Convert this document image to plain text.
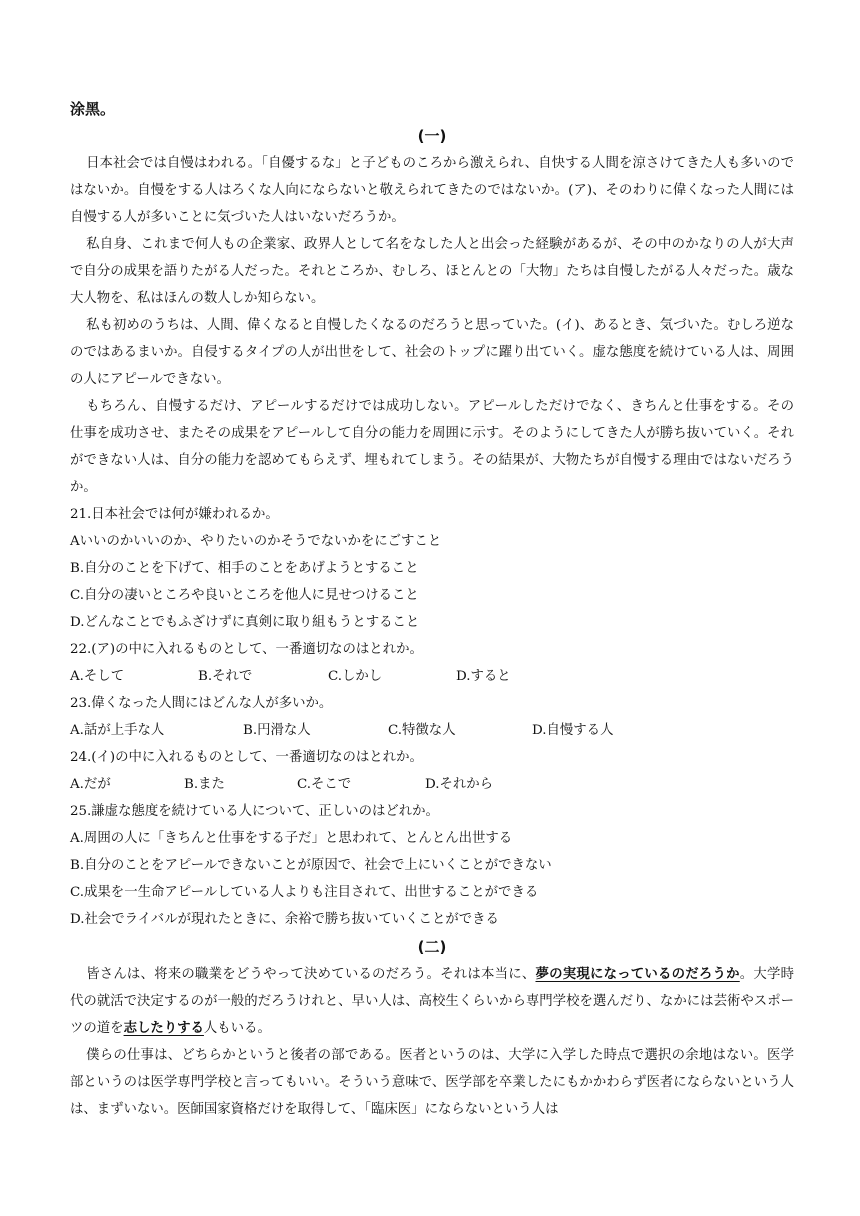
涂黑。
(一)

日本社会では自慢はわれる。「自優するな」と子どものころから激えられ、自快する人間を涼さけてきた人も多いのではないか。自慢をする人はろくな人向にならないと敬えられてきたのではないか。(ア)、そのわりに偉くなった人間には自慢する人が多いことに気づいた人はいないだろうか。

私自身、これまで何人もの企業家、政界人として名をなした人と出会った経験があるが、その中のかなりの人が大声で自分の成果を語りたがる人だった。それところか、むしろ、ほとんとの「大物」たちは自慢したがる人々だった。歳な大人物を、私はほんの数人しか知らない。

私も初めのうちは、人間、偉くなると自慢したくなるのだろうと思っていた。(イ)、あるとき、気づいた。むしろ逆なのではあるまいか。自侵するタイプの人が出世をして、社会のトップに躍り出ていく。虚な態度を続けている人は、周囲の人にアピールできない。

もちろん、自慢するだけ、アピールするだけでは成功しない。アピールしただけでなく、きちんと仕事をする。その仕事を成功させ、またその成果をアピールして自分の能力を周囲に示す。そのようにしてきた人が勝ち抜いていく。それができない人は、自分の能力を認めてもらえず、埋もれてしまう。その結果が、大物たちが自慢する理由ではないだろうか。

21.日本社会では何が嫌われるか。

Aいいのかいいのか、やりたいのかそうでないかをにごすこと

B.自分のことを下げて、相手のことをあげようとすること

C.自分の凄いところや良いところを他人に見せつけること

D.どんなことでもふざけずに真剣に取り組もうとすること

22.(ア)の中に入れるものとして、一番適切なのはとれか。

A.そして	B.それで	C.しかし	D.すると

23.偉くなった人間にはどんな人が多いか。

A.話が上手な人	B.円滑な人	C.特徴な人	D.自慢する人

24.(イ)の中に入れるものとして、一番適切なのはとれか。

A.だが	B.また	C.そこで	D.それから

25.謙虚な態度を続けている人について、正しいのはどれか。

A.周囲の人に「きちんと仕事をする子だ」と思われて、とんとん出世する

B.自分のことをアピールできないことが原因で、社会で上にいくことができない

C.成果を一生命アピールしている人よりも注目されて、出世することができる

D.社会でライバルが現れたときに、余裕で勝ち抜いていくことができる

(二)

皆さんは、将来の職業をどうやって決めているのだろう。それは本当に、夢の実現になっているのだろうか。大学時代の就活で決定するのが一般的だろうけれと、早い人は、高校生くらいから専門学校を選んだり、なかには芸術やスポーツの道を志したりする人もいる。

僕らの仕事は、どちらかというと後者の部である。医者というのは、大学に入学した時点で選択の余地はない。医学部というのは医学専門学校と言ってもいい。そういう意味で、医学部を卒業したにもかかわらず医者にならないという人は、まずいない。医師国家資格だけを取得して、「臨床医」にならないという人は
